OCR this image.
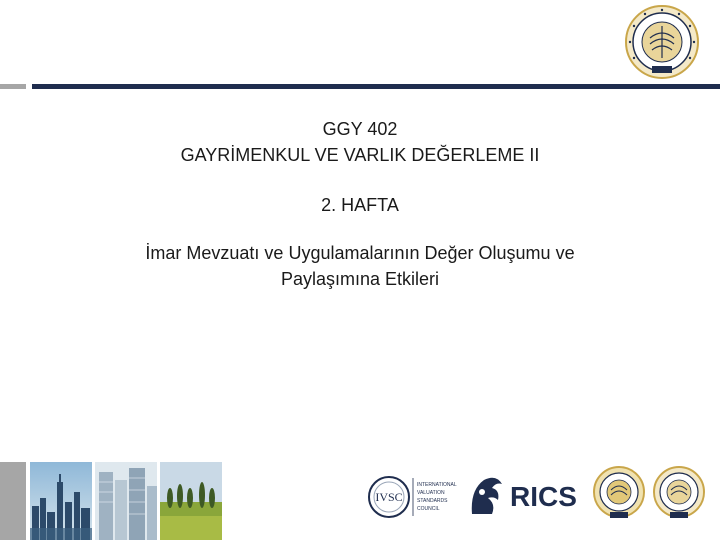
GGY 402
GAYRİMENKUL VE VARLIK DEĞERLEME II
2. HAFTA
İmar Mevzuatı ve Uygulamalarının Değer Oluşumu ve
Paylaşımına Etkileri
IVSC
INTERNATIONAL
VALUATION
STANDARDS
COUNCIL	RICS
